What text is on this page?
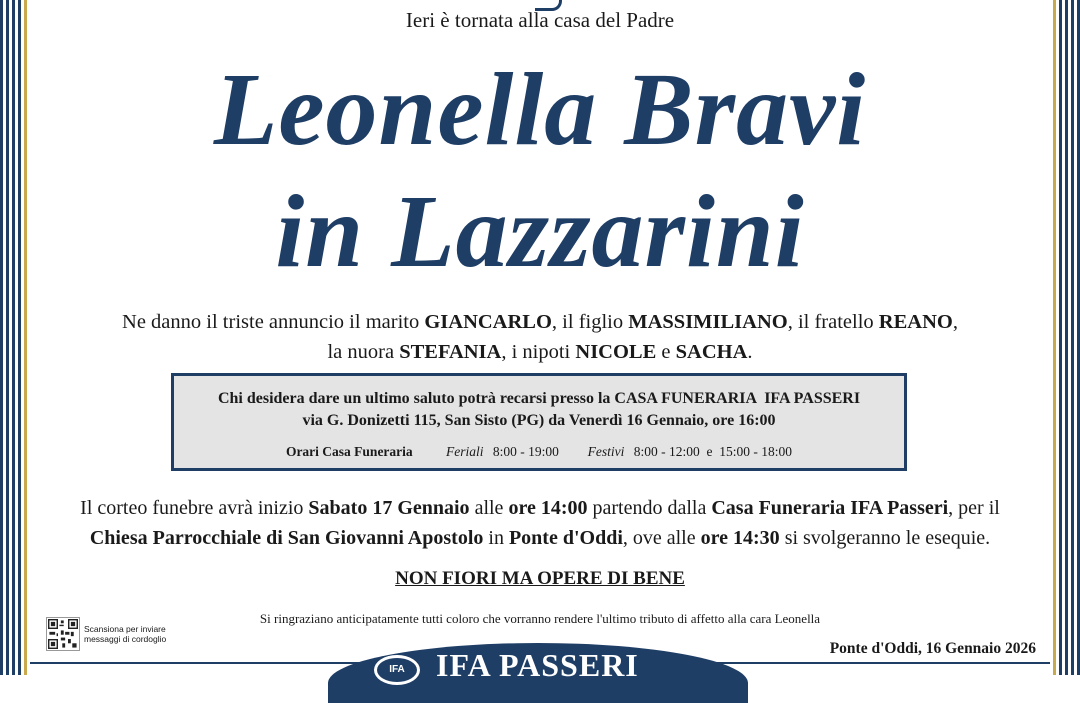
Ieri è tornata alla casa del Padre
Leonella Bravi
in Lazzarini
Ne danno il triste annuncio il marito GIANCARLO, il figlio MASSIMILIANO, il fratello REANO,
la nuora STEFANIA, i nipoti NICOLE e SACHA.
Chi desidera dare un ultimo saluto potrà recarsi presso la CASA FUNERARIA  IFA PASSERI
via G. Donizetti 115, San Sisto (PG) da Venerdì 16 Gennaio, ore 16:00
Orari Casa Funeraria Feriali 8:00 - 19:00 Festivi 8:00 - 12:00  e  15:00 - 18:00
Il corteo funebre avrà inizio Sabato 17 Gennaio alle ore 14:00 partendo dalla Casa Funeraria IFA Passeri, per il
Chiesa Parrocchiale di San Giovanni Apostolo in Ponte d'Oddi, ove alle ore 14:30 si svolgeranno le esequie.
NON FIORI MA OPERE DI BENE
Si ringraziano anticipatamente tutti coloro che vorranno rendere l'ultimo tributo di affetto alla cara Leonella
Scansiona per inviare
messaggi di cordoglio
Ponte d'Oddi, 16 Gennaio 2026
IFA IFA PASSERI
